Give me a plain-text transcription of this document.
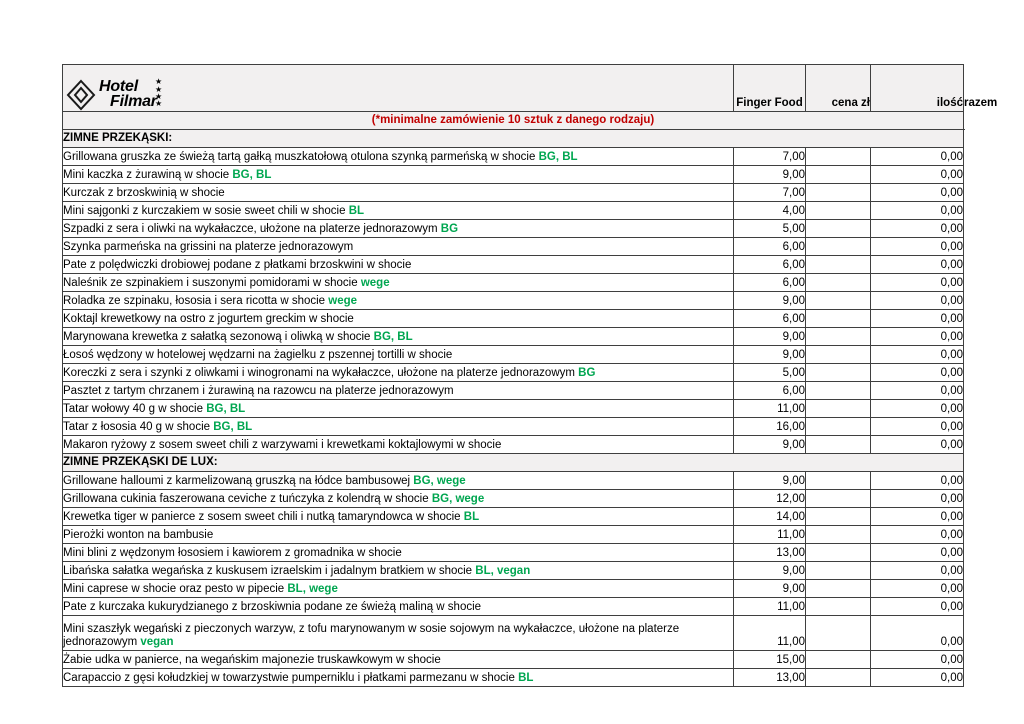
Hotel
Filmar
★ ★ ★ ★	Finger Food	cena zł	ilość	razem
(*minimalne zamówienie 10 sztuk z danego rodzaju)				
ZIMNE PRZEKĄSKI:				
Grillowana gruszka ze świeżą tartą gałką muszkatołową otulona szynką parmeńską w shocie BG, BL	7,00		0,00	
Mini kaczka z żurawiną w shocie BG, BL	9,00		0,00	
Kurczak z brzoskwinią w shocie	7,00		0,00	
Mini sajgonki z kurczakiem w sosie sweet chili w shocie BL	4,00		0,00	
Szpadki z sera i oliwki na wykałaczce, ułożone na platerze jednorazowym BG	5,00		0,00	
Szynka parmeńska na grissini na platerze jednorazowym	6,00		0,00	
Pate z polędwiczki drobiowej podane z płatkami brzoskwini w shocie	6,00		0,00	
Naleśnik ze szpinakiem i suszonymi pomidorami w shocie wege	6,00		0,00	
Roladka ze szpinaku, łososia i sera ricotta w shocie wege	9,00		0,00	
Koktajl krewetkowy na ostro z jogurtem greckim w shocie	6,00		0,00	
Marynowana krewetka z sałatką sezonową i oliwką w shocie BG, BL	9,00		0,00	
Łosoś wędzony w hotelowej wędzarni na żagielku z pszennej tortilli w shocie	9,00		0,00	
Koreczki z sera i szynki z oliwkami i winogronami na wykałaczce, ułożone na platerze jednorazowym BG	5,00		0,00	
Pasztet z tartym chrzanem i żurawiną na razowcu na platerze jednorazowym	6,00		0,00	
Tatar wołowy 40 g w shocie BG, BL	11,00		0,00	
Tatar z łososia 40 g w shocie BG, BL	16,00		0,00	
Makaron ryżowy z sosem sweet chili z warzywami i krewetkami koktajlowymi w shocie	9,00		0,00	
ZIMNE PRZEKĄSKI DE LUX:				
Grillowane halloumi z karmelizowaną gruszką na łódce bambusowej BG, wege	9,00		0,00	
Grillowana cukinia faszerowana ceviche z tuńczyka z kolendrą w shocie BG, wege	12,00		0,00	
Krewetka tiger w panierce z sosem sweet chili i nutką tamaryndowca w shocie BL	14,00		0,00	
Pierożki wonton na bambusie	11,00		0,00	
Mini blini z wędzonym łososiem i kawiorem z gromadnika w shocie	13,00		0,00	
Libańska sałatka wegańska z kuskusem izraelskim i jadalnym bratkiem w shocie BL, vegan	9,00		0,00	
Mini caprese w shocie oraz pesto w pipecie BL, wege	9,00		0,00	
Pate z kurczaka kukurydzianego z brzoskiwnia podane ze świeżą maliną w shocie	11,00		0,00	
Mini szaszłyk wegański z pieczonych warzyw, z tofu marynowanym w sosie sojowym na wykałaczce, ułożone na platerze
jednorazowym vegan	11,00		0,00	
Żabie udka w panierce, na wegańskim majonezie truskawkowym w shocie	15,00		0,00	
Carapaccio z gęsi kołudzkiej w towarzystwie pumperniklu i płatkami parmezanu w shocie BL	13,00		0,00	
